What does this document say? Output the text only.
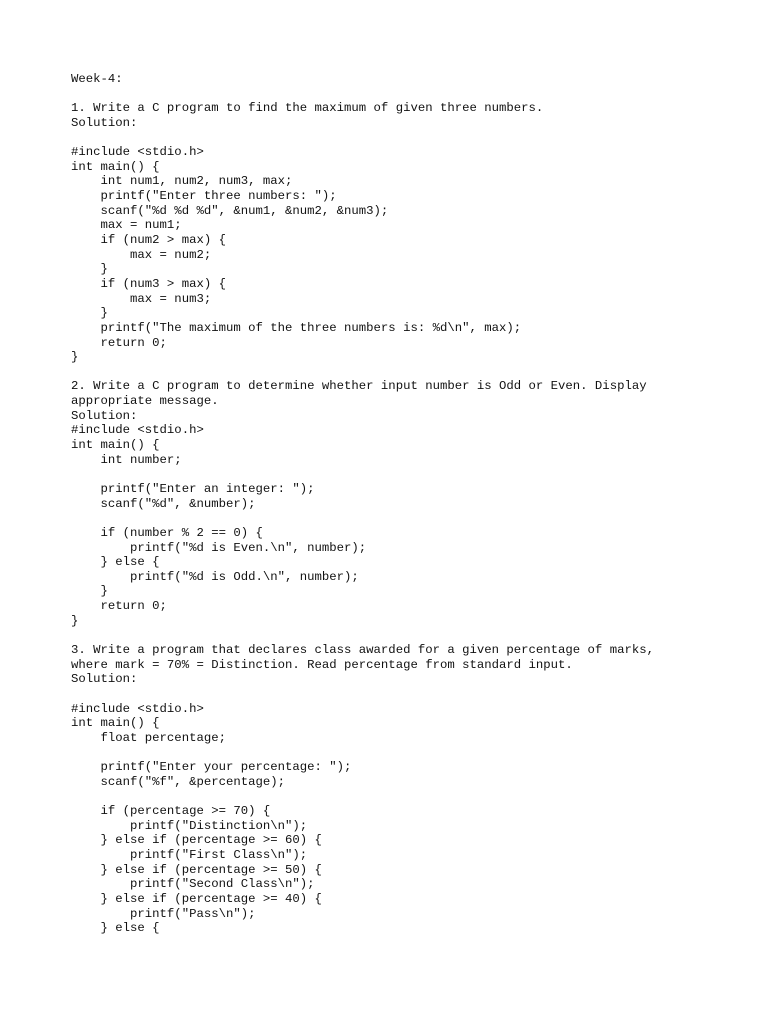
Week-4:
1. Write a C program to find the maximum of given three numbers.
Solution:
#include <stdio.h>
int main() {
int num1, num2, num3, max;
printf("Enter three numbers: ");
scanf("%d %d %d", &num1, &num2, &num3);
max = num1;
if (num2 > max) {
max = num2;
}
if (num3 > max) {
max = num3;
}
printf("The maximum of the three numbers is: %d\n", max);
return 0;
}
2. Write a C program to determine whether input number is Odd or Even. Display
appropriate message.
Solution:
#include <stdio.h>
int main() {
int number;
printf("Enter an integer: ");
scanf("%d", &number);
if (number % 2 == 0) {
printf("%d is Even.\n", number);
} else {
printf("%d is Odd.\n", number);
}
return 0;
}
3. Write a program that declares class awarded for a given percentage of marks,
where mark = 70% = Distinction. Read percentage from standard input.
Solution:
#include <stdio.h>
int main() {
float percentage;
printf("Enter your percentage: ");
scanf("%f", &percentage);
if (percentage >= 70) {
printf("Distinction\n");
} else if (percentage >= 60) {
printf("First Class\n");
} else if (percentage >= 50) {
printf("Second Class\n");
} else if (percentage >= 40) {
printf("Pass\n");
} else {
